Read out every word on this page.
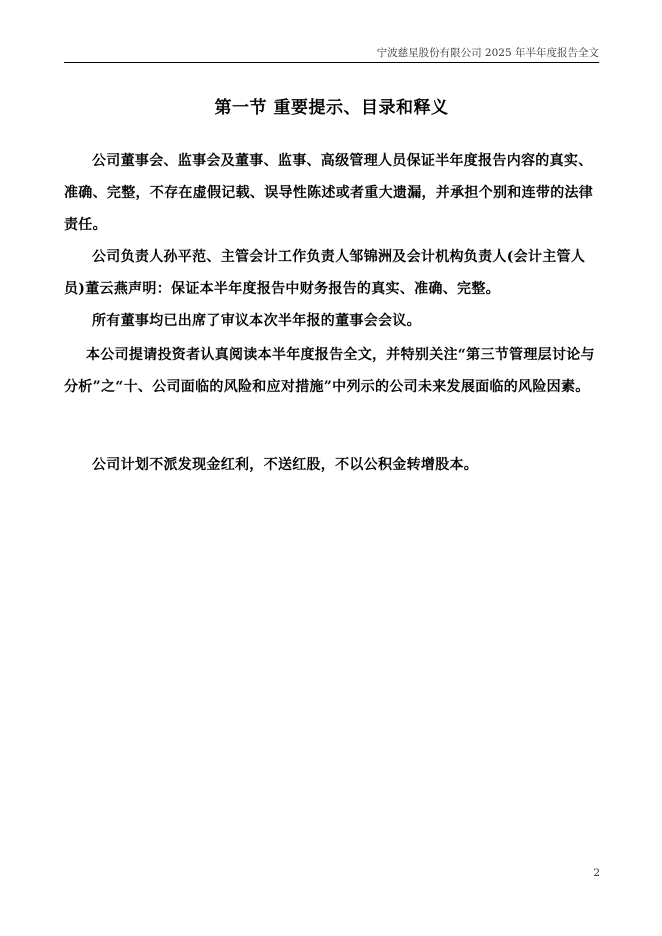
宁波慈星股份有限公司 2025 年半年度报告全文
第一节 重要提示、目录和释义

公司董事会、监事会及董事、监事、高级管理人员保证半年度报告内容的真实、准确、完整，不存在虚假记载、误导性陈述或者重大遗漏，并承担个别和连带的法律责任。

公司负责人孙平范、主管会计工作负责人邹锦洲及会计机构负责人(会计主管人员)董云燕声明：保证本半年度报告中财务报告的真实、准确、完整。

所有董事均已出席了审议本次半年报的董事会会议。

本公司提请投资者认真阅读本半年度报告全文，并特别关注“第三节管理层讨论与分析”之“十、公司面临的风险和应对措施”中列示的公司未来发展面临的风险因素。

公司计划不派发现金红利，不送红股，不以公积金转增股本。

2
